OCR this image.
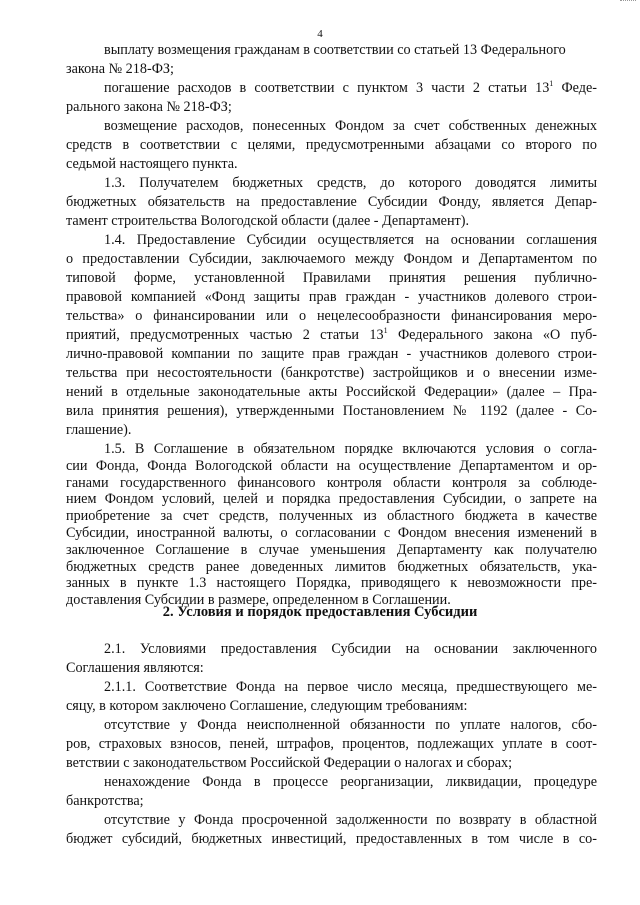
4
выплату возмещения гражданам в соответствии со статьей 13 Федерального
закона № 218-ФЗ;
погашение расходов в соответствии с пунктом 3 части 2 статьи $13^1$ Феде-
рального закона № 218-ФЗ;
возмещение расходов, понесенных Фондом за счет собственных денежных
средств в соответствии с целями, предусмотренными абзацами со второго по
седьмой настоящего пункта.
1.3. Получателем бюджетных средств, до которого доводятся лимиты
бюджетных обязательств на предоставление Субсидии Фонду, является Депар-
тамент строительства Вологодской области (далее - Департамент).
1.4. Предоставление Субсидии осуществляется на основании соглашения
о предоставлении Субсидии, заключаемого между Фондом и Департаментом по
типовой форме, установленной Правилами принятия решения публично-
правовой компанией «Фонд защиты прав граждан - участников долевого строи-
тельства» о финансировании или о нецелесообразности финансирования меро-
приятий, предусмотренных частью 2 статьи $13^1$ Федерального закона «О пуб-
лично-правовой компании по защите прав граждан - участников долевого строи-
тельства при несостоятельности (банкротстве) застройщиков и о внесении изме-
нений в отдельные законодательные акты Российской Федерации» (далее – Пра-
вила принятия решения), утвержденными Постановлением № 1192 (далее - Со-
глашение).
1.5. В Соглашение в обязательном порядке включаются условия о согла-
сии Фонда, Фонда Вологодской области на осуществление Департаментом и ор-
ганами государственного финансового контроля области контроля за соблюде-
нием Фондом условий, целей и порядка предоставления Субсидии, о запрете на
приобретение за счет средств, полученных из областного бюджета в качестве
Субсидии, иностранной валюты, о согласовании с Фондом внесения изменений в
заключенное Соглашение в случае уменьшения Департаменту как получателю
бюджетных средств ранее доведенных лимитов бюджетных обязательств, ука-
занных в пункте 1.3 настоящего Порядка, приводящего к невозможности пре-
доставления Субсидии в размере, определенном в Соглашении.
2. Условия и порядок предоставления Субсидии
2.1. Условиями предоставления Субсидии на основании заключенного
Соглашения являются:
2.1.1. Соответствие Фонда на первое число месяца, предшествующего ме-
сяцу, в котором заключено Соглашение, следующим требованиям:
отсутствие у Фонда неисполненной обязанности по уплате налогов, сбо-
ров, страховых взносов, пеней, штрафов, процентов, подлежащих уплате в соот-
ветствии с законодательством Российской Федерации о налогах и сборах;
ненахождение Фонда в процессе реорганизации, ликвидации, процедуре
банкротства;
отсутствие у Фонда просроченной задолженности по возврату в областной
бюджет субсидий, бюджетных инвестиций, предоставленных в том числе в со-
